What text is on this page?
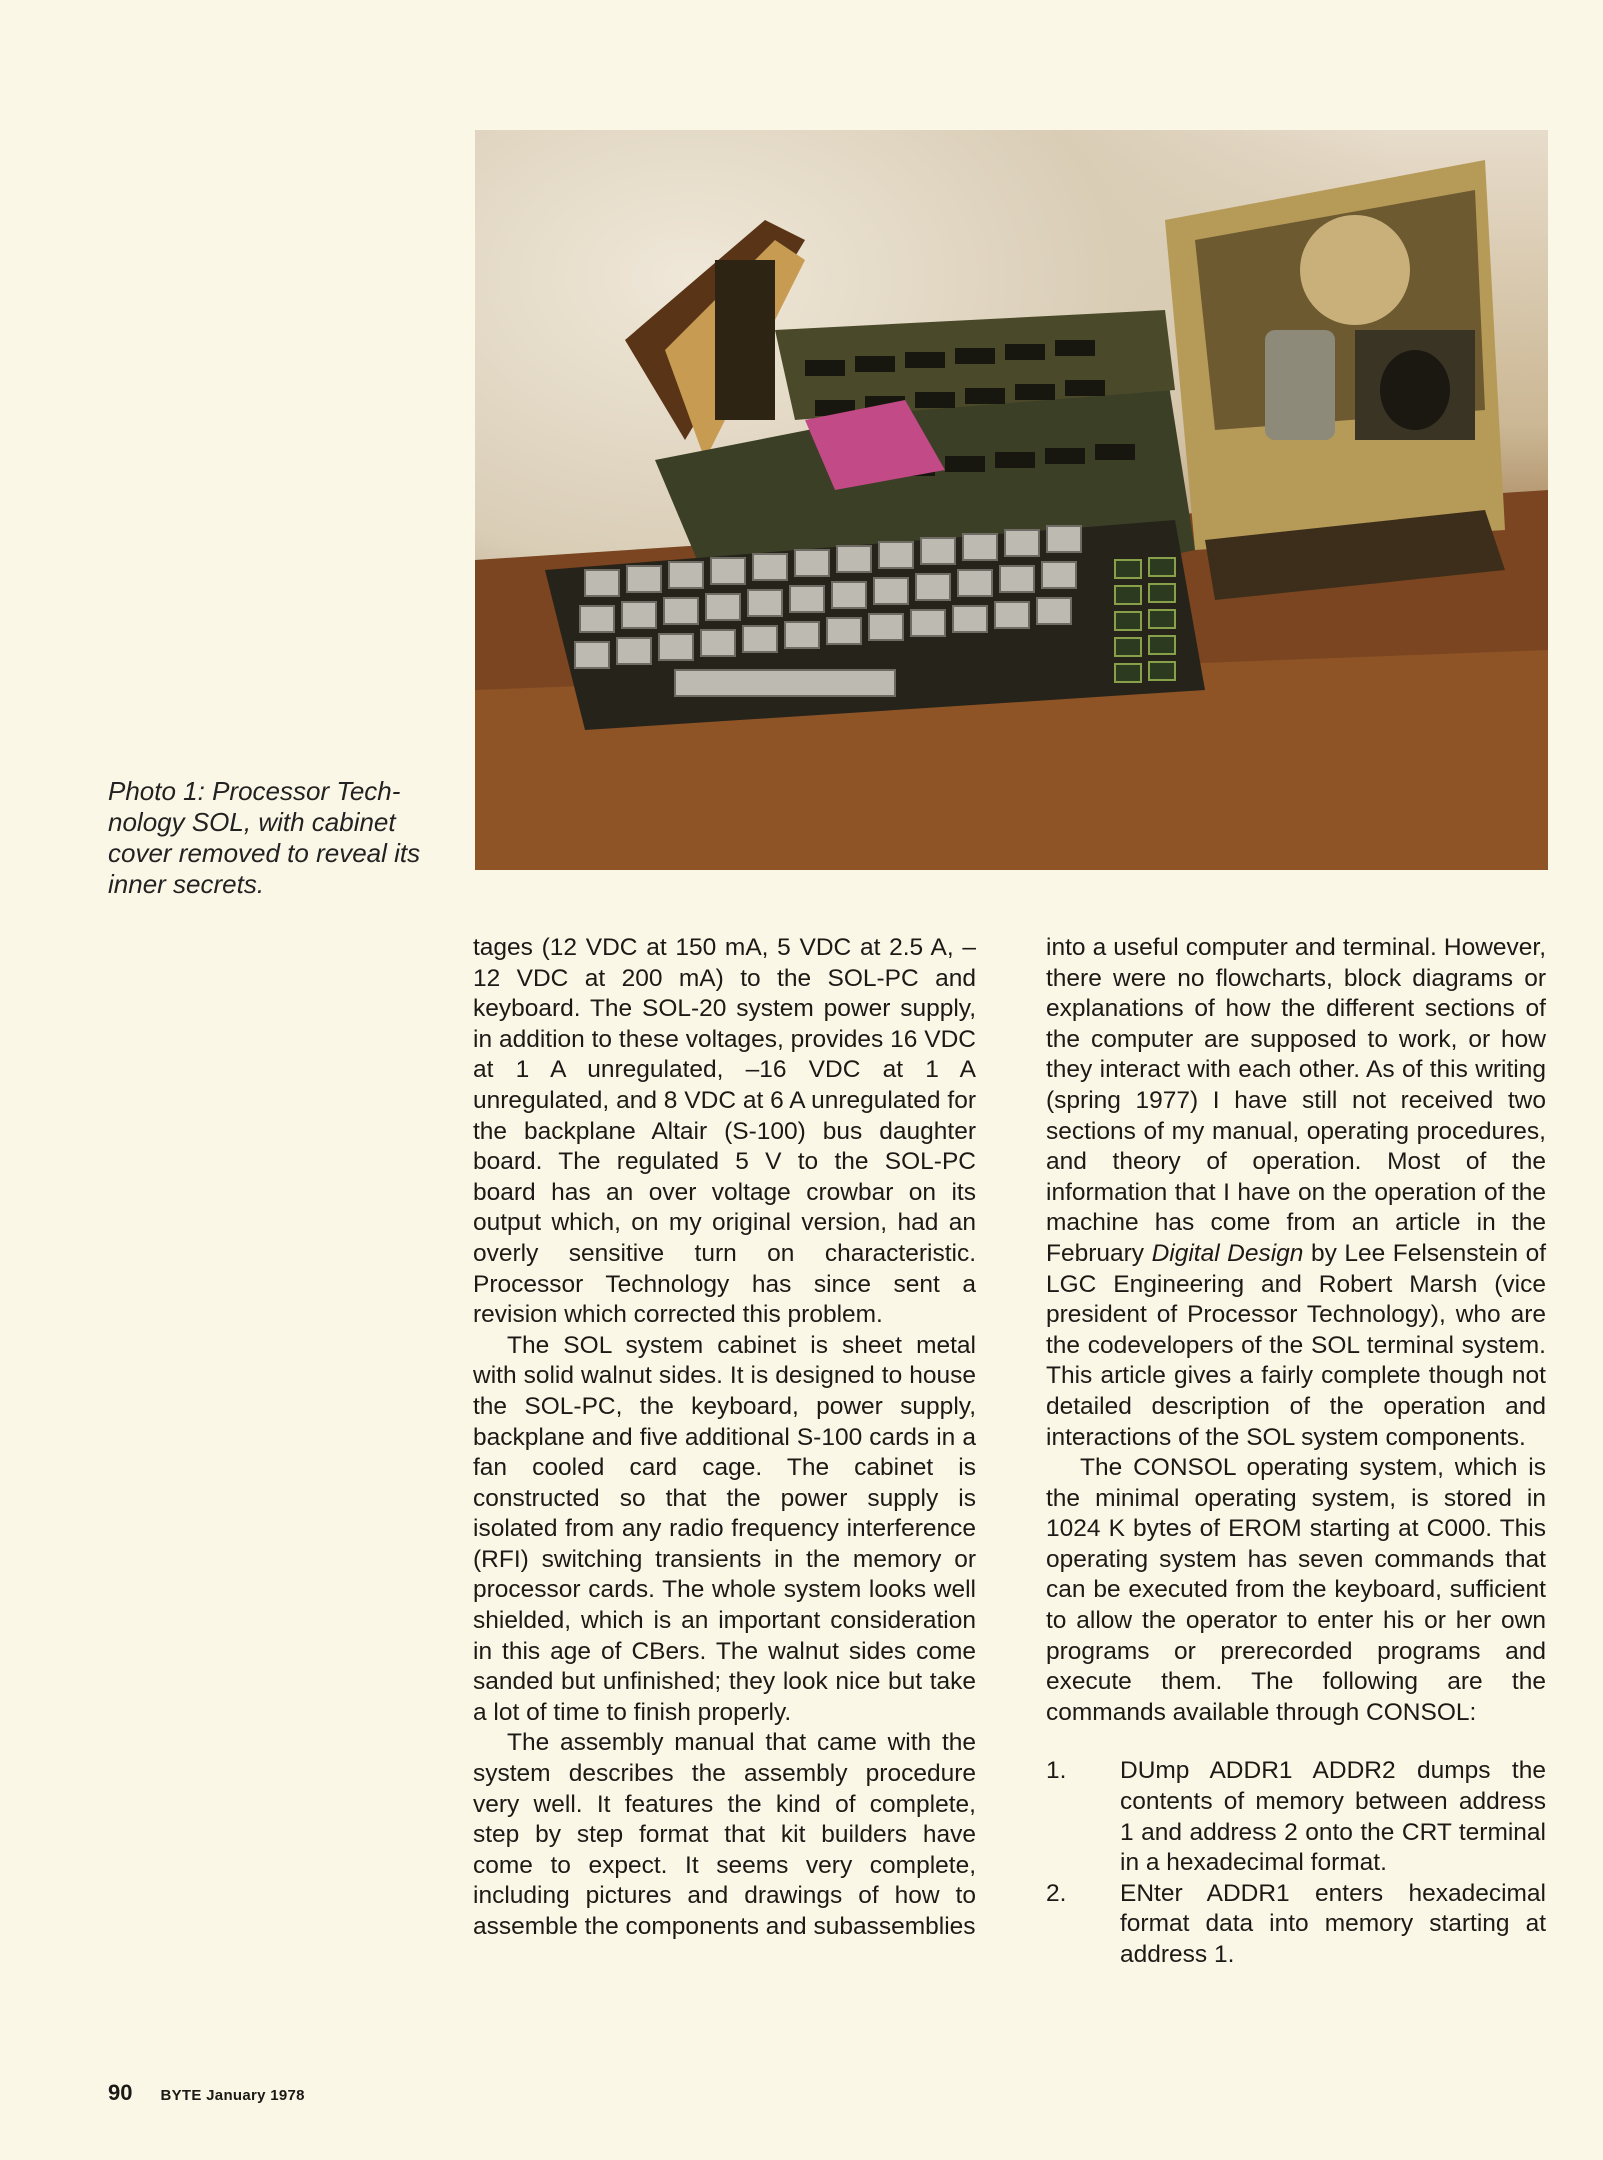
Photo 1: Processor Tech-

nology SOL, with cabinet

cover removed to reveal its

inner secrets.

tages (12 VDC at 150 mA, 5 VDC at 2.5 A, –12 VDC at 200 mA) to the SOL-PC and keyboard. The SOL-20 system power supply, in addition to these voltages, provides 16 VDC at 1 A unregulated, –16 VDC at 1 A unregulated, and 8 VDC at 6 A unregulated for the backplane Altair (S-100) bus daughter board. The regulated 5 V to the SOL-PC board has an over voltage crowbar on its output which, on my original version, had an overly sensitive turn on characteristic. Processor Technology has since sent a revision which corrected this problem.

The SOL system cabinet is sheet metal with solid walnut sides. It is designed to house the SOL-PC, the keyboard, power supply, backplane and five additional S-100 cards in a fan cooled card cage. The cabinet is constructed so that the power supply is isolated from any radio frequency interference (RFI) switching transients in the memory or processor cards. The whole system looks well shielded, which is an important consideration in this age of CBers. The walnut sides come sanded but unfinished; they look nice but take a lot of time to finish properly.

The assembly manual that came with the system describes the assembly procedure very well. It features the kind of complete, step by step format that kit builders have come to expect. It seems very complete, including pictures and drawings of how to assemble the components and subassemblies

into a useful computer and terminal. However, there were no flowcharts, block diagrams or explanations of how the different sections of the computer are supposed to work, or how they interact with each other. As of this writing (spring 1977) I have still not received two sections of my manual, operating procedures, and theory of operation. Most of the information that I have on the operation of the machine has come from an article in the February Digital Design by Lee Felsenstein of LGC Engineering and Robert Marsh (vice president of Processor Technology), who are the codevelopers of the SOL terminal system. This article gives a fairly complete though not detailed description of the operation and interactions of the SOL system components.

The CONSOL operating system, which is the minimal operating system, is stored in 1024 K bytes of EROM starting at C000. This operating system has seven commands that can be executed from the keyboard, sufficient to allow the operator to enter his or her own programs or prerecorded programs and execute them. The following are the commands available through CONSOL:

1.	DUmp ADDR1 ADDR2 dumps the contents of memory between address 1 and address 2 onto the CRT terminal in a hexadecimal format.
2.	ENter ADDR1 enters hexadecimal format data into memory starting at address 1.
90 BYTE January 1978
